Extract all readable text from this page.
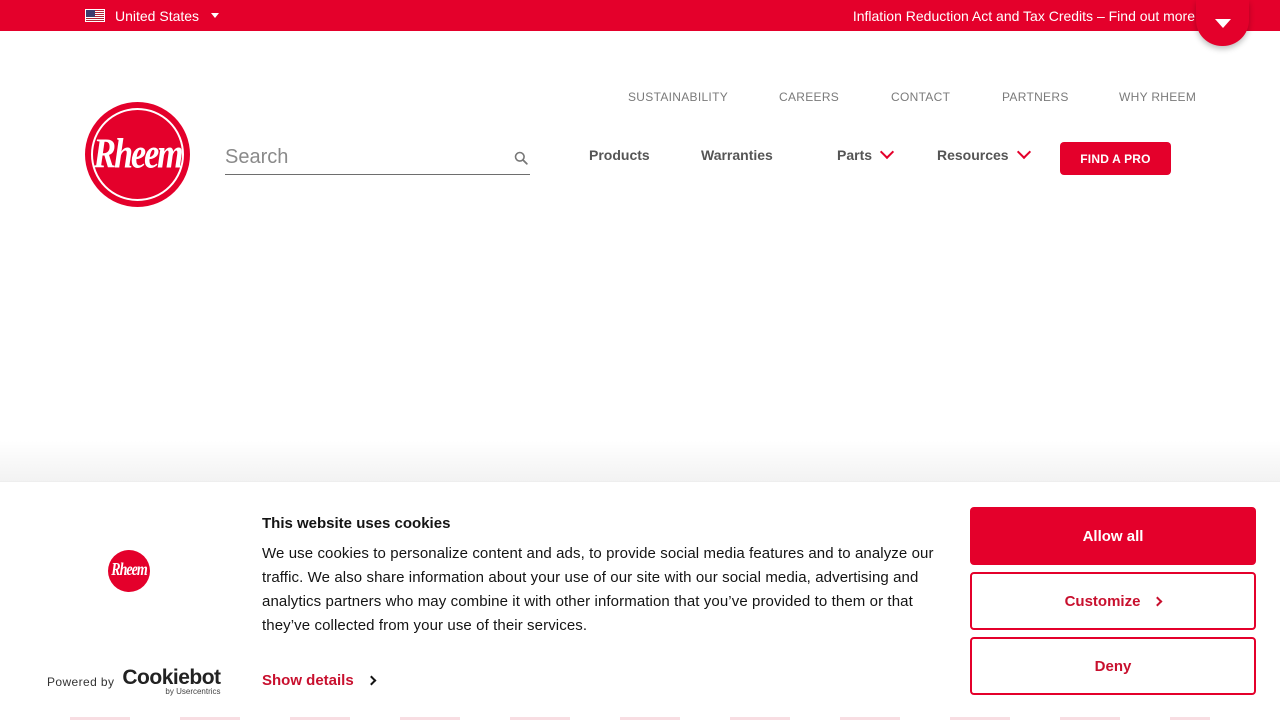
United States	Inflation Reduction Act and Tax Credits – Find out more
Rheem
Search
SUSTAINABILITY	CAREERS	CONTACT	PARTNERS	WHY RHEEM
Products	Warranties	Parts	Resources	FIND A PRO
Rheem
Powered by Cookiebot
by Usercentrics
This website uses cookies
We use cookies to personalize content and ads, to provide social media features and to analyze our traffic. We also share information about your use of our site with our social media, advertising and analytics partners who may combine it with other information that you’ve provided to them or that they’ve collected from your use of their services.
Show details
Allow all
Customize
Deny
